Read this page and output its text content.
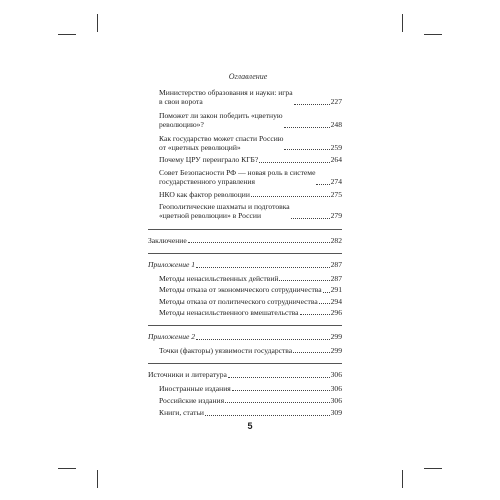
Оглавление
Министерство образования и науки: игра
в свои ворота	227
Поможет ли закон победить «цветную
революцию»?	248
Как государство может спасти Россию
от «цветных революций»	259
Почему ЦРУ переиграло КГБ?	264
Совет Безопасности РФ — новая роль в системе
государственного управления	274
НКО как фактор революции	275
Геополитические шахматы и подготовка
«цветной революции» в России	279
Заключение	282
Приложение 1	287
Методы ненасильственных действий	287
Методы отказа от экономического сотрудничества 291
Методы отказа от политического сотрудничества 294
Методы ненасильственного вмешательства	296
Приложение 2	299
Точки (факторы) уязвимости государства	299
Источники и литература	306
Иностранные издания	306
Российские издания	306
Книги, статьи	309
5
